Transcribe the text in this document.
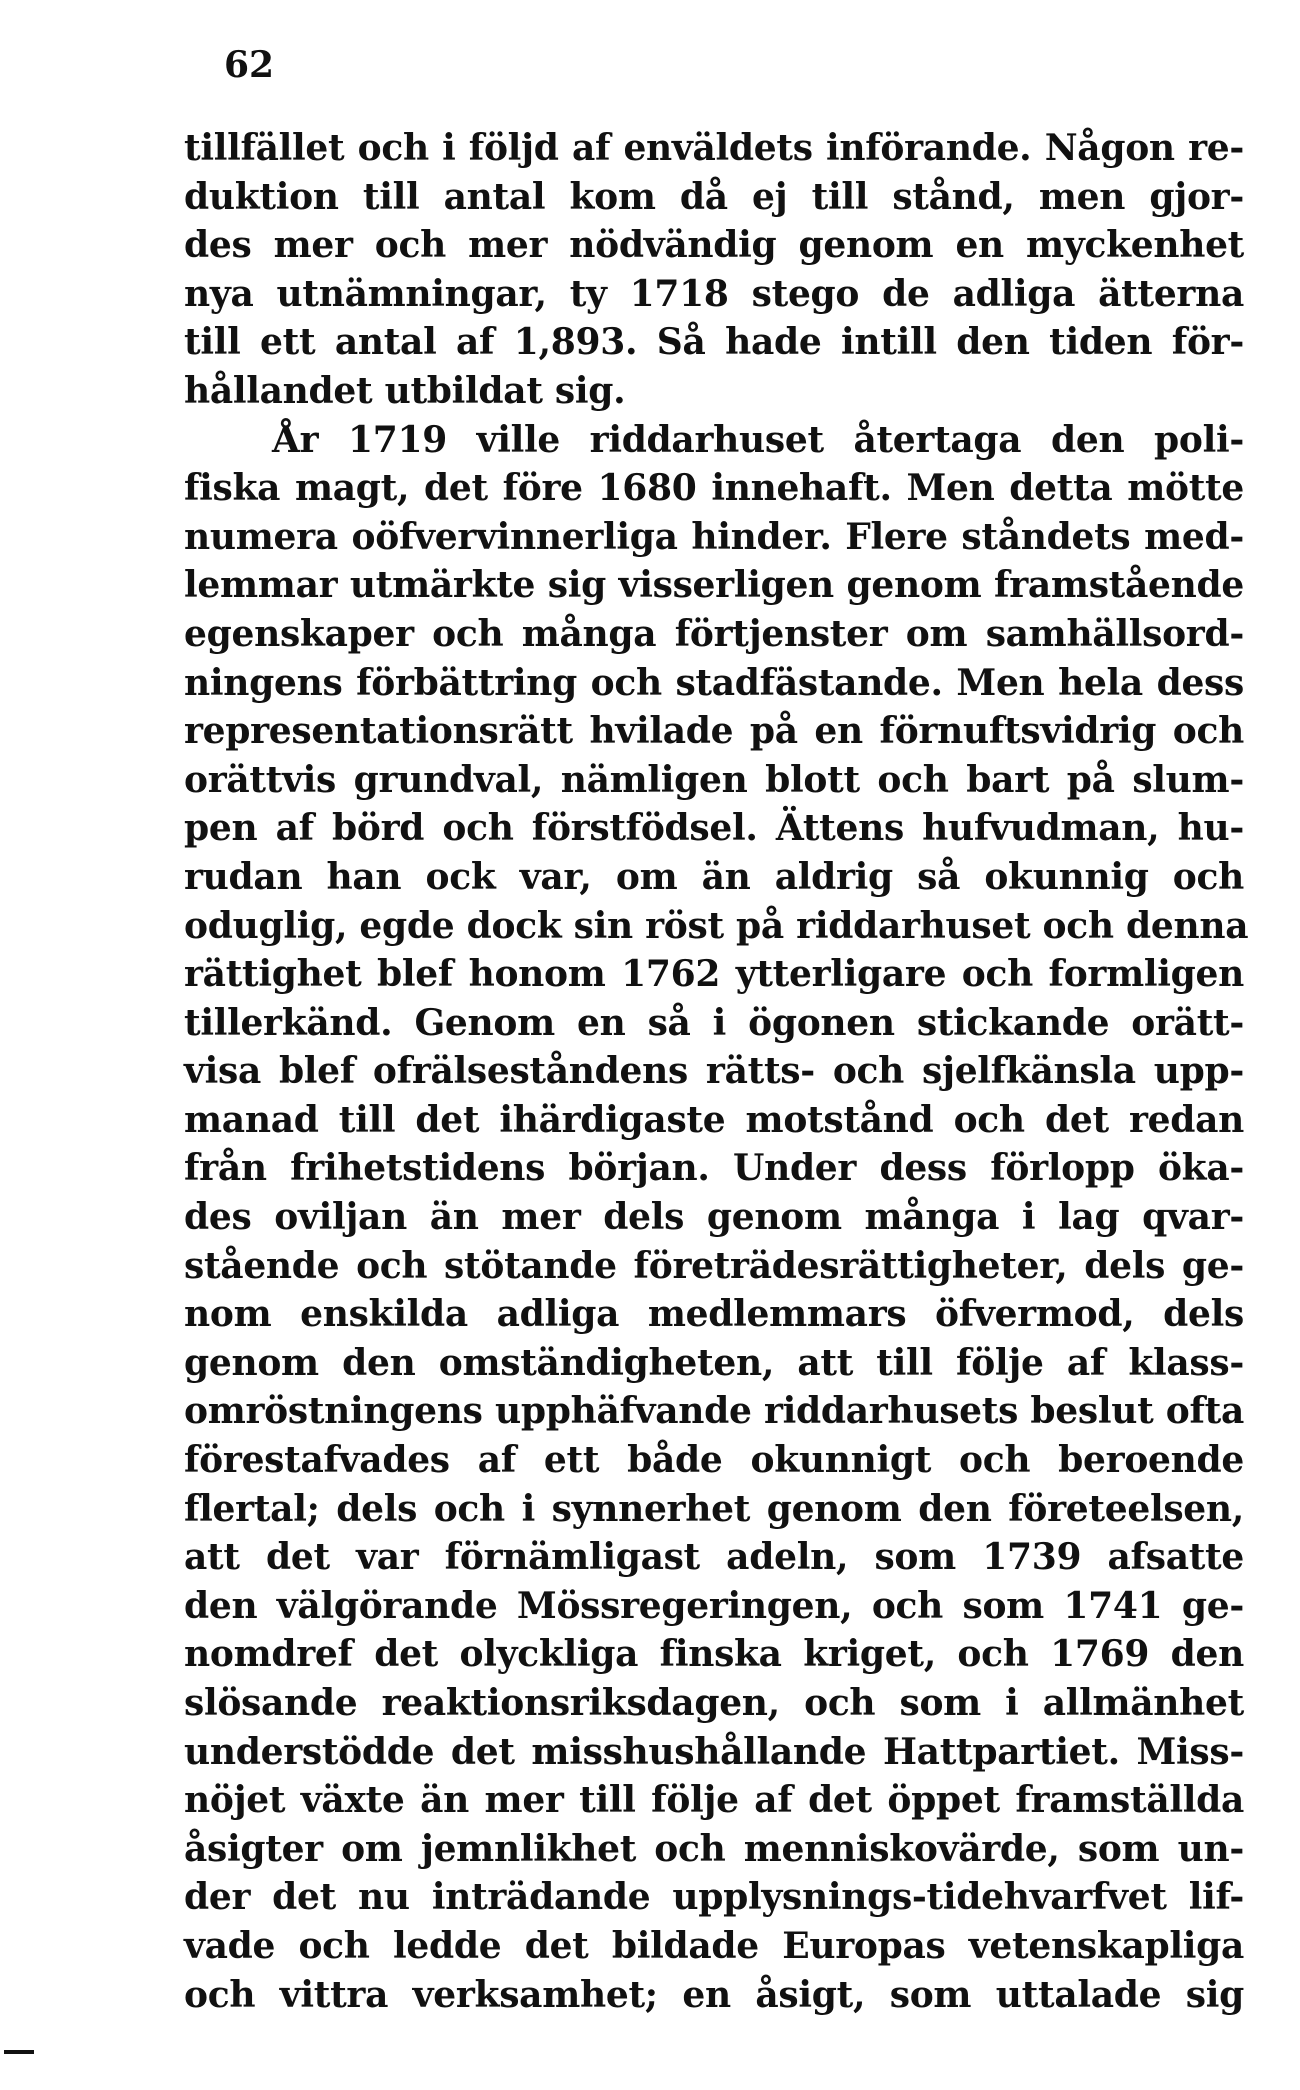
62
tillfället och i följd af enväldets införande. Någon re-
duktion till antal kom då ej till stånd, men gjor-
des mer och mer nödvändig genom en myckenhet
nya utnämningar, ty 1718 stego de adliga ätterna
till ett antal af 1,893. Så hade intill den tiden för-
hållandet utbildat sig.
År 1719 ville riddarhuset återtaga den poli-
fiska magt, det före 1680 innehaft. Men detta mötte
numera oöfvervinnerliga hinder. Flere ståndets med-
lemmar utmärkte sig visserligen genom framstående
egenskaper och många förtjenster om samhällsord-
ningens förbättring och stadfästande. Men hela dess
representationsrätt hvilade på en förnuftsvidrig och
orättvis grundval, nämligen blott och bart på slum-
pen af börd och förstfödsel. Ättens hufvudman, hu-
rudan han ock var, om än aldrig så okunnig och
oduglig, egde dock sin röst på riddarhuset och denna
rättighet blef honom 1762 ytterligare och formligen
tillerkänd. Genom en så i ögonen stickande orätt-
visa blef ofrälseståndens rätts- och sjelfkänsla upp-
manad till det ihärdigaste motstånd och det redan
från frihetstidens början. Under dess förlopp öka-
des oviljan än mer dels genom många i lag qvar-
stående och stötande företrädesrättigheter, dels ge-
nom enskilda adliga medlemmars öfvermod, dels
genom den omständigheten, att till följe af klass-
omröstningens upphäfvande riddarhusets beslut ofta
förestafvades af ett både okunnigt och beroende
flertal; dels och i synnerhet genom den företeelsen,
att det var förnämligast adeln, som 1739 afsatte
den välgörande Mössregeringen, och som 1741 ge-
nomdref det olyckliga finska kriget, och 1769 den
slösande reaktionsriksdagen, och som i allmänhet
understödde det misshushållande Hattpartiet. Miss-
nöjet växte än mer till följe af det öppet framställda
åsigter om jemnlikhet och menniskovärde, som un-
der det nu inträdande upplysnings-tidehvarfvet lif-
vade och ledde det bildade Europas vetenskapliga
och vittra verksamhet; en åsigt, som uttalade sig
